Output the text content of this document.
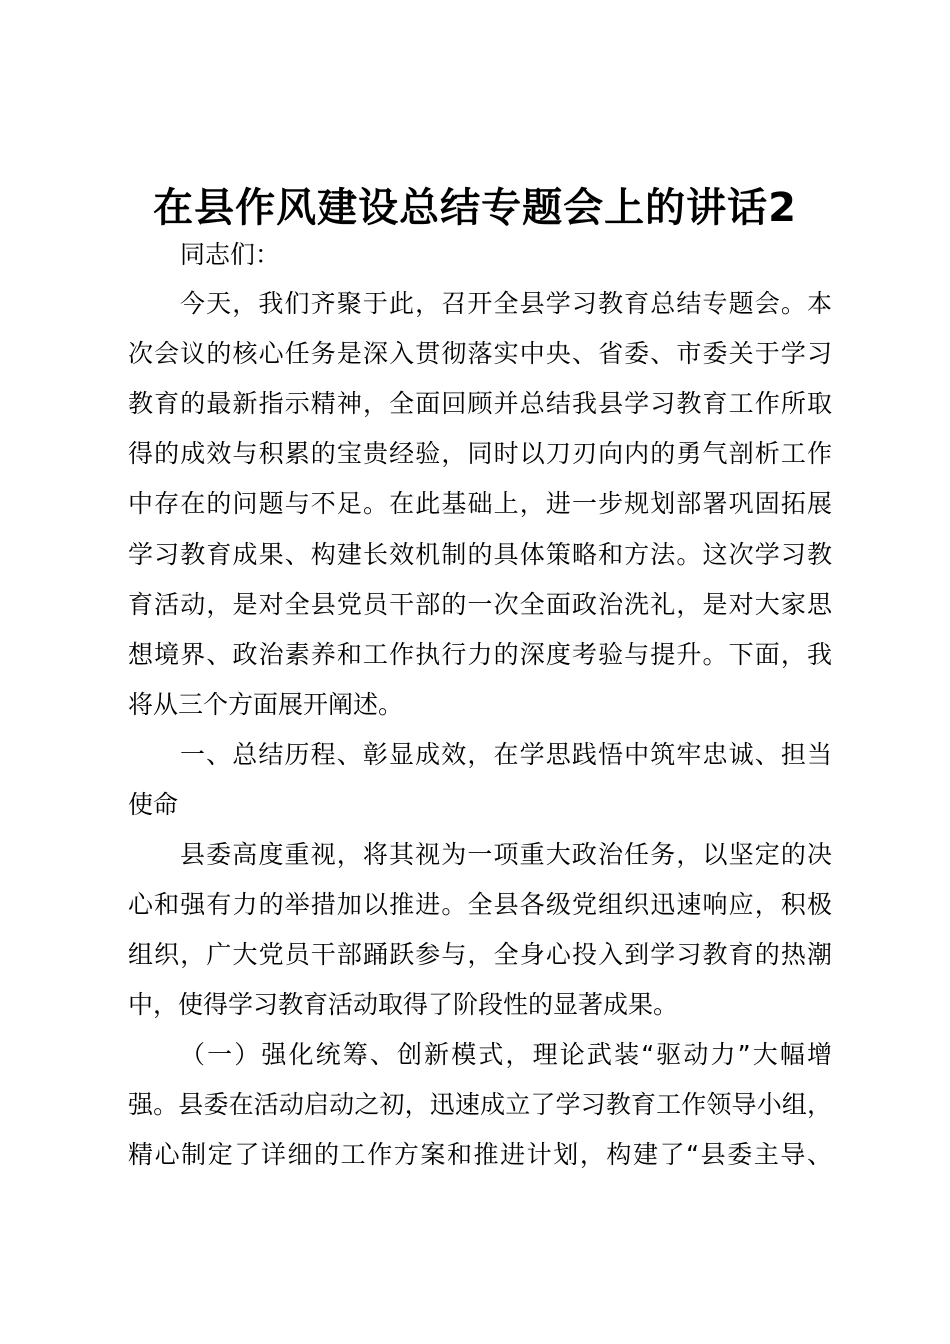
在县作风建设总结专题会上的讲话2
同志们：
今天，我们齐聚于此，召开全县学习教育总结专题会。本
次会议的核心任务是深入贯彻落实中央、省委、市委关于学习
教育的最新指示精神，全面回顾并总结我县学习教育工作所取
得的成效与积累的宝贵经验，同时以刀刃向内的勇气剖析工作
中存在的问题与不足。在此基础上，进一步规划部署巩固拓展
学习教育成果、构建长效机制的具体策略和方法。这次学习教
育活动，是对全县党员干部的一次全面政治洗礼，是对大家思
想境界、政治素养和工作执行力的深度考验与提升。下面，我
将从三个方面展开阐述。
一、总结历程、彰显成效，在学思践悟中筑牢忠诚、担当
使命
县委高度重视，将其视为一项重大政治任务，以坚定的决
心和强有力的举措加以推进。全县各级党组织迅速响应，积极
组织，广大党员干部踊跃参与，全身心投入到学习教育的热潮
中，使得学习教育活动取得了阶段性的显著成果。
（一）强化统筹、创新模式，理论武装“驱动力”大幅增
强。县委在活动启动之初，迅速成立了学习教育工作领导小组，
精心制定了详细的工作方案和推进计划，构建了“县委主导、
